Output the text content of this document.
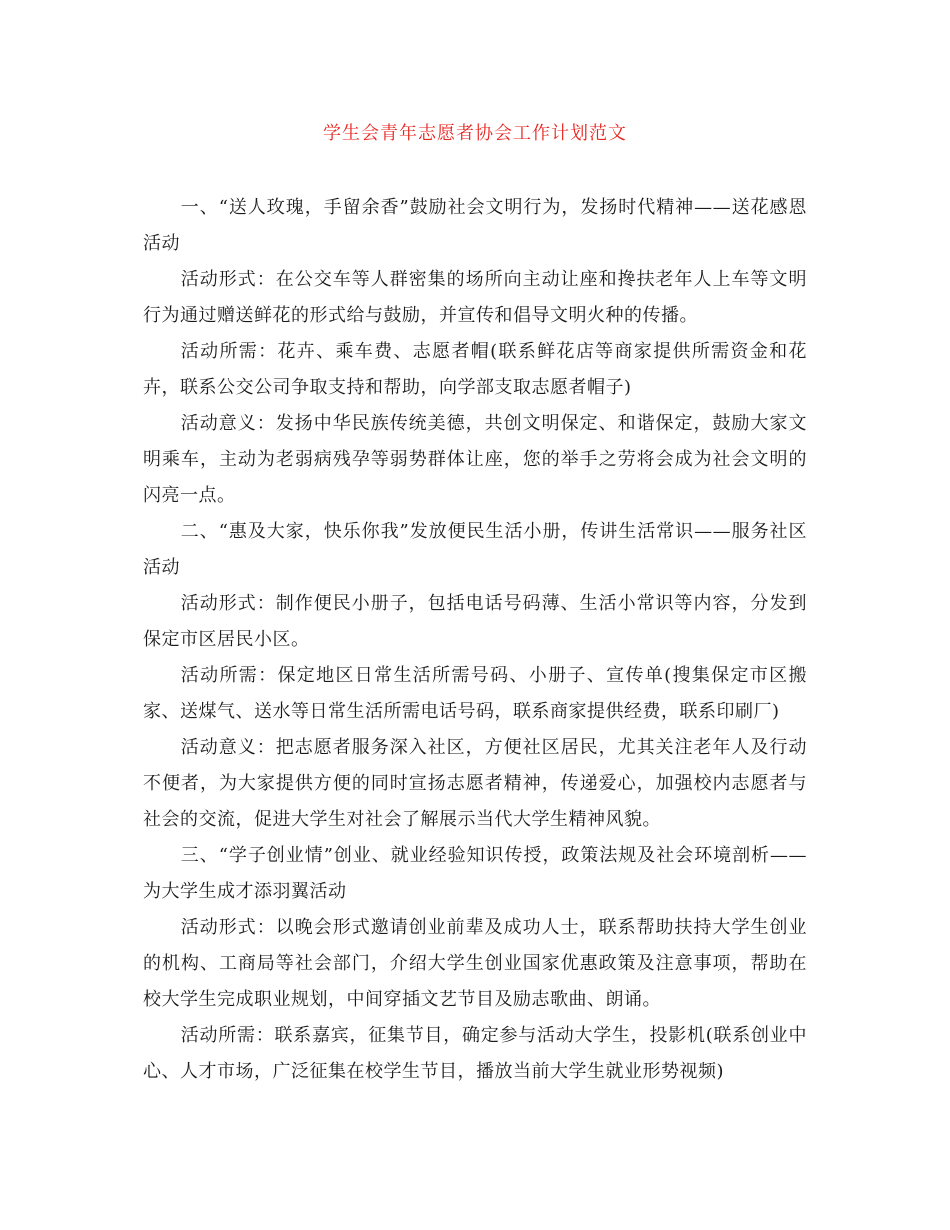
学生会青年志愿者协会工作计划范文

一、“送人玫瑰，手留余香”鼓励社会文明行为，发扬时代精神——送花感恩活动

活动形式：在公交车等人群密集的场所向主动让座和搀扶老年人上车等文明行为通过赠送鲜花的形式给与鼓励，并宣传和倡导文明火种的传播。

活动所需：花卉、乘车费、志愿者帽(联系鲜花店等商家提供所需资金和花卉，联系公交公司争取支持和帮助，向学部支取志愿者帽子)

活动意义：发扬中华民族传统美德，共创文明保定、和谐保定，鼓励大家文明乘车，主动为老弱病残孕等弱势群体让座，您的举手之劳将会成为社会文明的闪亮一点。

二、“惠及大家，快乐你我”发放便民生活小册，传讲生活常识——服务社区活动

活动形式：制作便民小册子，包括电话号码薄、生活小常识等内容，分发到保定市区居民小区。

活动所需：保定地区日常生活所需号码、小册子、宣传单(搜集保定市区搬家、送煤气、送水等日常生活所需电话号码，联系商家提供经费，联系印刷厂)

活动意义：把志愿者服务深入社区，方便社区居民，尤其关注老年人及行动不便者，为大家提供方便的同时宣扬志愿者精神，传递爱心，加强校内志愿者与社会的交流，促进大学生对社会了解展示当代大学生精神风貌。

三、“学子创业情”创业、就业经验知识传授，政策法规及社会环境剖析——为大学生成才添羽翼活动

活动形式：以晚会形式邀请创业前辈及成功人士，联系帮助扶持大学生创业的机构、工商局等社会部门，介绍大学生创业国家优惠政策及注意事项，帮助在校大学生完成职业规划，中间穿插文艺节目及励志歌曲、朗诵。

活动所需：联系嘉宾，征集节目，确定参与活动大学生，投影机(联系创业中心、人才市场，广泛征集在校学生节目，播放当前大学生就业形势视频)
